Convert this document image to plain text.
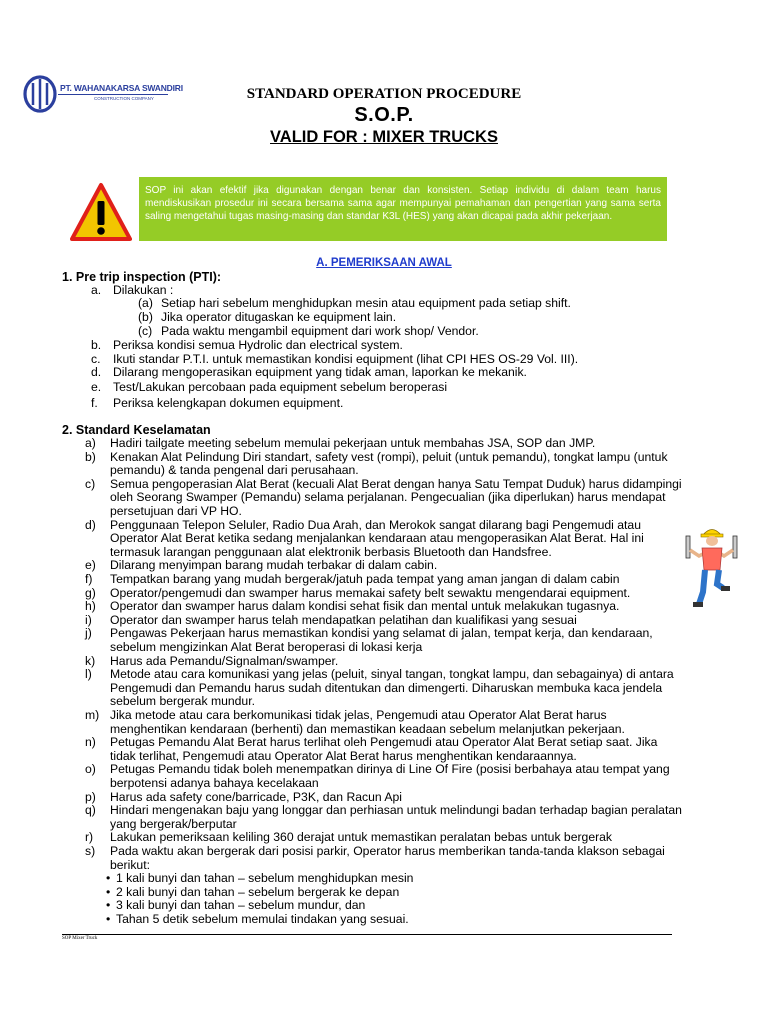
PT. WAHANAKARSA SWANDIRI
CONSTRUCTION COMPANY	STANDARD OPERATION PROCEDURE
S.O.P.
VALID FOR : MIXER TRUCKS
SOP ini akan efektif jika digunakan dengan benar dan konsisten. Setiap individu di dalam team harus mendiskusikan prosedur ini secara bersama sama agar mempunyai pemahaman dan pengertian yang sama serta saling mengetahui tugas masing-masing dan standar K3L (HES) yang akan dicapai pada akhir pekerjaan.
A. PEMERIKSAAN AWAL
1. Pre trip inspection (PTI):
a. Dilakukan :
(a) Setiap hari sebelum menghidupkan mesin atau equipment pada setiap shift.
(b) Jika operator ditugaskan ke equipment lain.
(c) Pada waktu mengambil equipment dari work shop/ Vendor.
b. Periksa kondisi semua Hydrolic dan electrical system.
c. Ikuti standar P.T.I. untuk memastikan kondisi equipment (lihat CPI HES OS-29 Vol. III).
d. Dilarang mengoperasikan equipment yang tidak aman, laporkan ke mekanik.
e. Test/Lakukan percobaan pada equipment sebelum beroperasi
f. Periksa kelengkapan dokumen equipment.
2. Standard Keselamatan
a) Hadiri tailgate meeting sebelum memulai pekerjaan untuk membahas JSA, SOP dan JMP.
b) Kenakan Alat Pelindung Diri standart, safety vest (rompi), peluit (untuk pemandu), tongkat lampu (untuk
pemandu) & tanda pengenal dari perusahaan.
c) Semua pengoperasian Alat Berat (kecuali Alat Berat dengan hanya Satu Tempat Duduk) harus didampingi
oleh Seorang Swamper (Pemandu) selama perjalanan. Pengecualian (jika diperlukan) harus mendapat
persetujuan dari VP HO.
d) Penggunaan Telepon Seluler, Radio Dua Arah, dan Merokok sangat dilarang bagi Pengemudi atau
Operator Alat Berat ketika sedang menjalankan kendaraan atau mengoperasikan Alat Berat. Hal ini
termasuk larangan penggunaan alat elektronik berbasis Bluetooth dan Handsfree.
e) Dilarang menyimpan barang mudah terbakar di dalam cabin.
f) Tempatkan barang yang mudah bergerak/jatuh pada tempat yang aman jangan di dalam cabin
g) Operator/pengemudi dan swamper harus memakai safety belt sewaktu mengendarai equipment.
h) Operator dan swamper harus dalam kondisi sehat fisik dan mental untuk melakukan tugasnya.
i) Operator dan swamper harus telah mendapatkan pelatihan dan kualifikasi yang sesuai
j) Pengawas Pekerjaan harus memastikan kondisi yang selamat di jalan, tempat kerja, dan kendaraan,
sebelum mengizinkan Alat Berat beroperasi di lokasi kerja
k) Harus ada Pemandu/Signalman/swamper.
l) Metode atau cara komunikasi yang jelas (peluit, sinyal tangan, tongkat lampu, dan sebagainya) di antara
Pengemudi dan Pemandu harus sudah ditentukan dan dimengerti. Diharuskan membuka kaca jendela
sebelum bergerak mundur.
m) Jika metode atau cara berkomunikasi tidak jelas, Pengemudi atau Operator Alat Berat harus
menghentikan kendaraan (berhenti) dan memastikan keadaan sebelum melanjutkan pekerjaan.
n) Petugas Pemandu Alat Berat harus terlihat oleh Pengemudi atau Operator Alat Berat setiap saat. Jika
tidak terlihat, Pengemudi atau Operator Alat Berat harus menghentikan kendaraannya.
o) Petugas Pemandu tidak boleh menempatkan dirinya di Line Of Fire (posisi berbahaya atau tempat yang
berpotensi adanya bahaya kecelakaan
p) Harus ada safety cone/barricade, P3K, dan Racun Api
q) Hindari mengenakan baju yang longgar dan perhiasan untuk melindungi badan terhadap bagian peralatan
yang bergerak/berputar
r) Lakukan pemeriksaan keliling 360 derajat untuk memastikan peralatan bebas untuk bergerak
s) Pada waktu akan bergerak dari posisi parkir, Operator harus memberikan tanda-tanda klakson sebagai
berikut:
• 1 kali bunyi dan tahan – sebelum menghidupkan mesin
• 2 kali bunyi dan tahan – sebelum bergerak ke depan
• 3 kali bunyi dan tahan – sebelum mundur, dan
• Tahan 5 detik sebelum memulai tindakan yang sesuai.
SOP Mixer Truck
